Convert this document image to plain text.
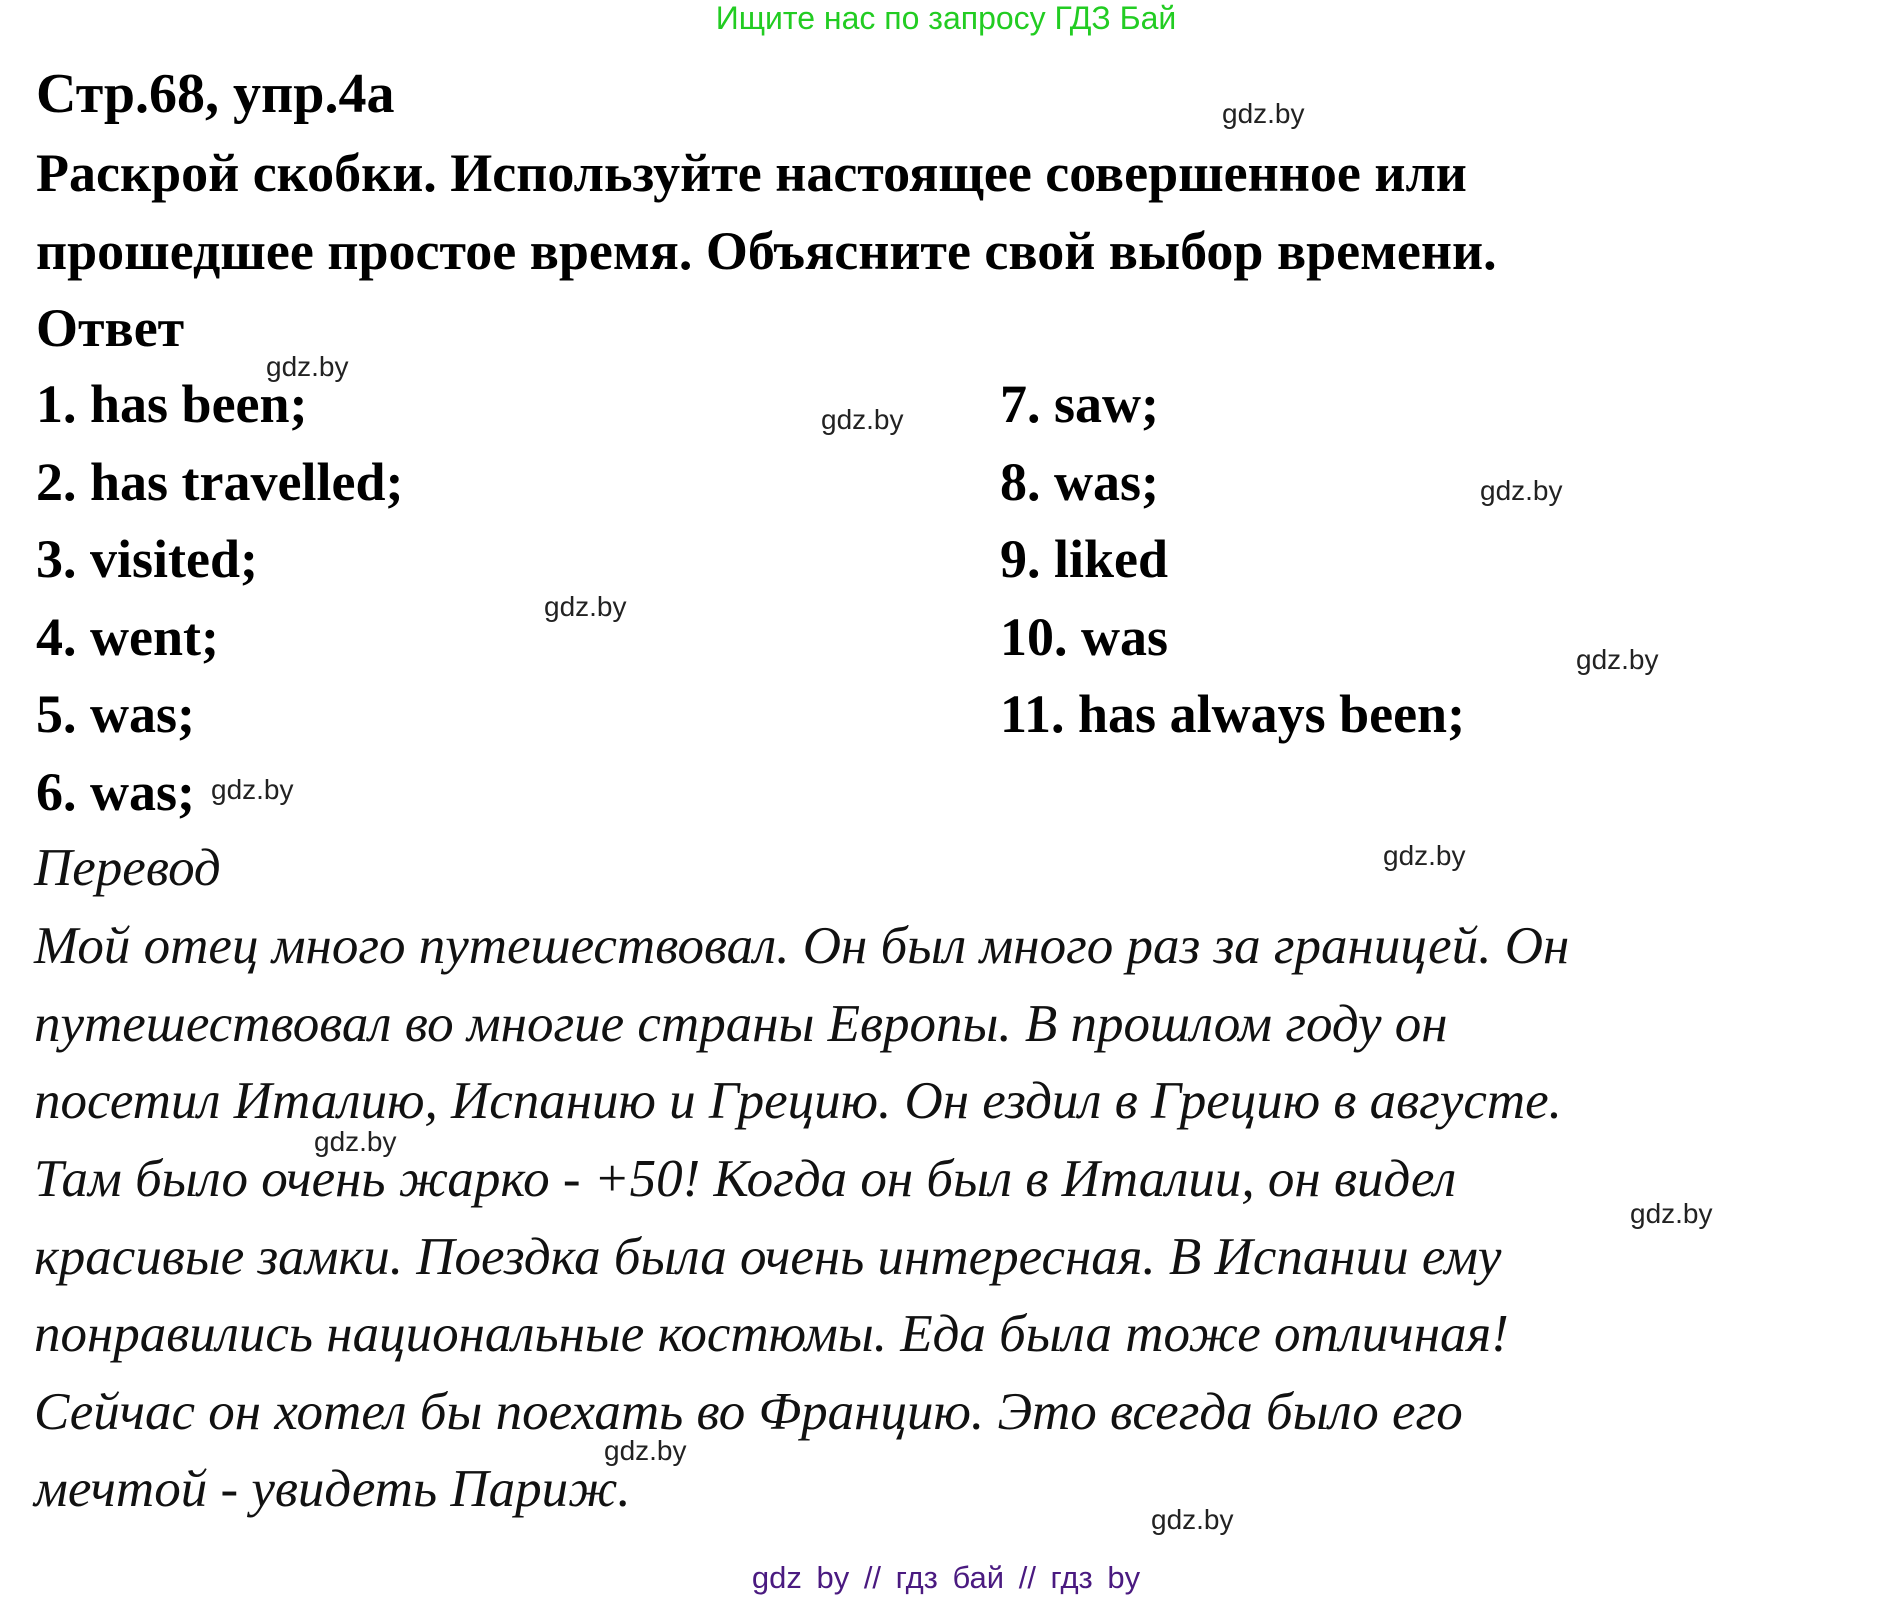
Ищите нас по запросу ГДЗ Бай
Стр.68, упр.4а
Раскрой скобки. Используйте настоящее совершенное или
прошедшее простое время. Объясните свой выбор времени.
Ответ
1. has been;
2. has travelled;
3. visited;
4. went;
5. was;
6. was;
7. saw;
8. was;
9. liked
10. was
11. has always been;
Перевод
Мой отец много путешествовал. Он был много раз за границей. Он
путешествовал во многие страны Европы. В прошлом году он
посетил Италию, Испанию и Грецию. Он ездил в Грецию в августе.
Там было очень жарко - +50! Когда он был в Италии, он видел
красивые замки. Поездка была очень интересная. В Испании ему
понравились национальные костюмы. Еда была тоже отличная!
Сейчас он хотел бы поехать во Францию. Это всегда было его
мечтой - увидеть Париж.
gdz.by
gdz.by
gdz.by
gdz.by
gdz.by
gdz.by
gdz.by
gdz.by
gdz.by
gdz.by
gdz.by
gdz.by
gdz by // гдз бай // гдз by
